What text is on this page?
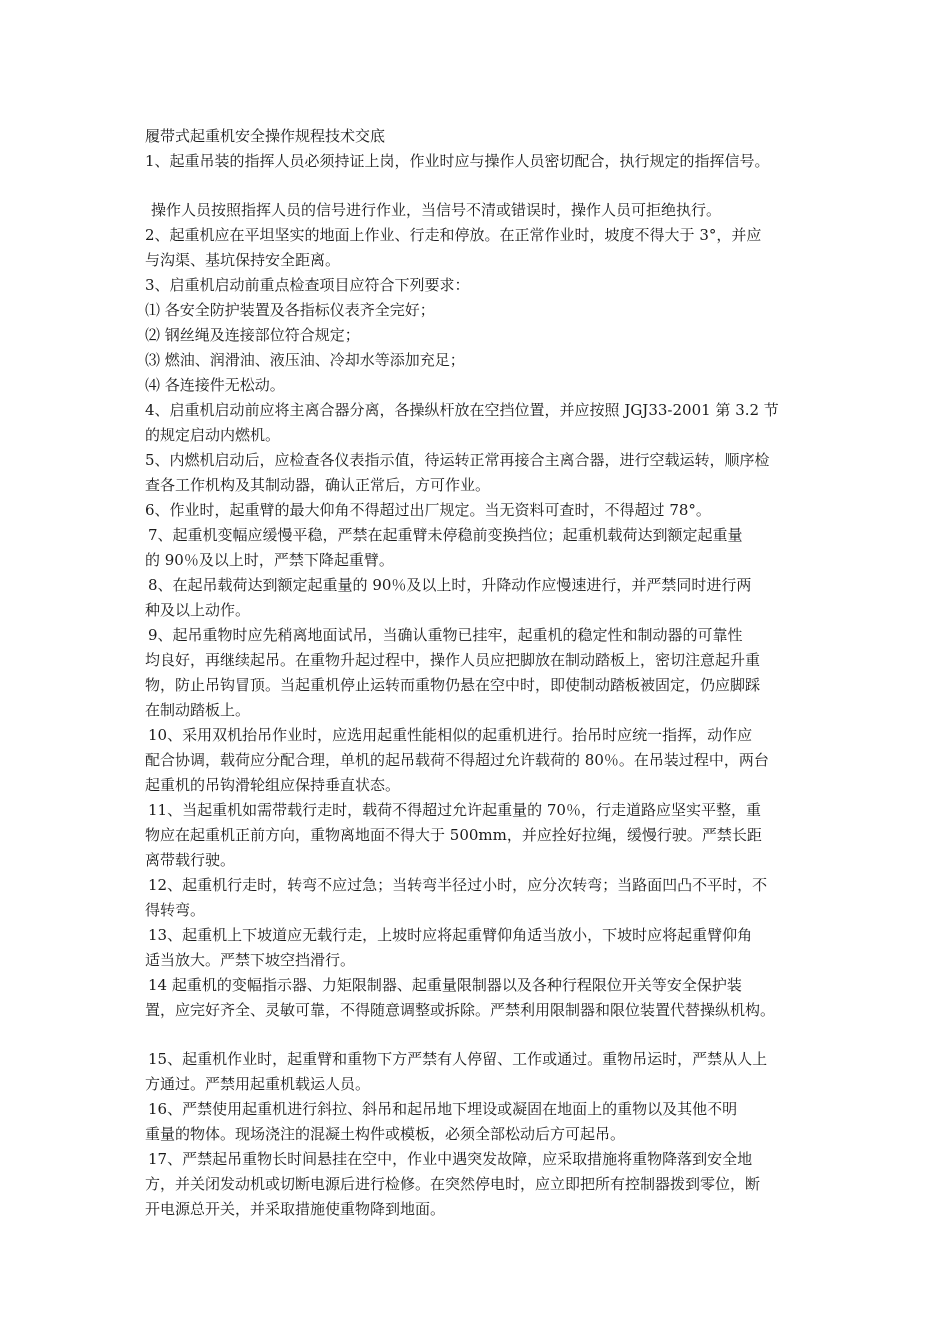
履带式起重机安全操作规程技术交底
1、起重吊装的指挥人员必须持证上岗，作业时应与操作人员密切配合，执行规定的指挥信号。
操作人员按照指挥人员的信号进行作业，当信号不清或错误时，操作人员可拒绝执行。
2、起重机应在平坦坚实的地面上作业、行走和停放。在正常作业时，坡度不得大于 3°，并应
与沟渠、基坑保持安全距离。
3、启重机启动前重点检查项目应符合下列要求：
⑴ 各安全防护装置及各指标仪表齐全完好；
⑵ 钢丝绳及连接部位符合规定；
⑶ 燃油、润滑油、液压油、冷却水等添加充足；
⑷ 各连接件无松动。
4、启重机启动前应将主离合器分离，各操纵杆放在空挡位置，并应按照 JGJ33-2001 第 3.2 节
的规定启动内燃机。
5、内燃机启动后，应检查各仪表指示值，待运转正常再接合主离合器，进行空载运转，顺序检
查各工作机构及其制动器，确认正常后，方可作业。
6、作业时，起重臂的最大仰角不得超过出厂规定。当无资料可查时，不得超过 78°。
7、起重机变幅应缓慢平稳，严禁在起重臂未停稳前变换挡位；起重机载荷达到额定起重量
的 90％及以上时，严禁下降起重臂。
8、在起吊载荷达到额定起重量的 90％及以上时，升降动作应慢速进行，并严禁同时进行两
种及以上动作。
9、起吊重物时应先稍离地面试吊，当确认重物已挂牢，起重机的稳定性和制动器的可靠性
均良好，再继续起吊。在重物升起过程中，操作人员应把脚放在制动踏板上，密切注意起升重
物，防止吊钩冒顶。当起重机停止运转而重物仍悬在空中时，即使制动踏板被固定，仍应脚踩
在制动踏板上。
10、采用双机抬吊作业时，应选用起重性能相似的起重机进行。抬吊时应统一指挥，动作应
配合协调，载荷应分配合理，单机的起吊载荷不得超过允许载荷的 80％。在吊装过程中，两台
起重机的吊钩滑轮组应保持垂直状态。
11、当起重机如需带载行走时，载荷不得超过允许起重量的 70％，行走道路应坚实平整，重
物应在起重机正前方向，重物离地面不得大于 500mm，并应拴好拉绳，缓慢行驶。严禁长距
离带载行驶。
12、起重机行走时，转弯不应过急；当转弯半径过小时，应分次转弯；当路面凹凸不平时，不
得转弯。
13、起重机上下坡道应无载行走，上坡时应将起重臂仰角适当放小，下坡时应将起重臂仰角
适当放大。严禁下坡空挡滑行。
14 起重机的变幅指示器、力矩限制器、起重量限制器以及各种行程限位开关等安全保护装
置，应完好齐全、灵敏可靠，不得随意调整或拆除。严禁利用限制器和限位装置代替操纵机构。
15、起重机作业时，起重臂和重物下方严禁有人停留、工作或通过。重物吊运时，严禁从人上
方通过。严禁用起重机载运人员。
16、严禁使用起重机进行斜拉、斜吊和起吊地下埋设或凝固在地面上的重物以及其他不明
重量的物体。现场浇注的混凝土构件或模板，必须全部松动后方可起吊。
17、严禁起吊重物长时间悬挂在空中，作业中遇突发故障，应采取措施将重物降落到安全地
方，并关闭发动机或切断电源后进行检修。在突然停电时，应立即把所有控制器拨到零位，断
开电源总开关，并采取措施使重物降到地面。
